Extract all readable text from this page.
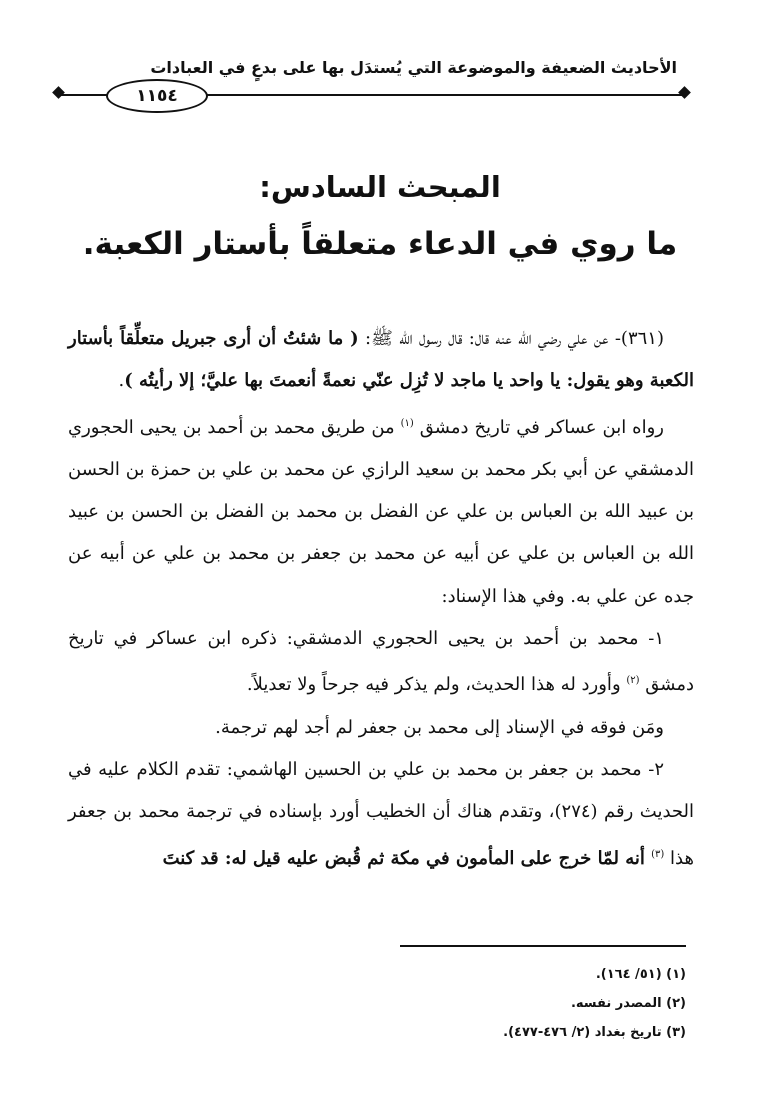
الأحاديث الضعيفة والموضوعة التي يُستدَل بها على بدعٍ في العبادات
١١٥٤
المبحث السادس:
ما روي في الدعاء متعلقاً بأستار الكعبة.

(٣٦١)- عن علي رضي الله عنه قال: قال رسول الله ﷺ: ( ما شئتُ أن أرى جبريل متعلِّقاً بأستار الكعبة وهو يقول: يا واحد يا ماجد لا تُزِل عنّي نعمةً أنعمتَ بها عليَّ؛ إلا رأيتُه ).

رواه ابن عساكر في تاريخ دمشق $^{(١)}$ من طريق محمد بن أحمد بن يحيى الحجوري الدمشقي عن أبي بكر محمد بن سعيد الرازي عن محمد بن علي بن حمزة بن الحسن بن عبيد الله بن العباس بن علي عن الفضل بن محمد بن الفضل بن الحسن بن عبيد الله بن العباس بن علي عن أبيه عن محمد بن جعفر بن محمد بن علي عن أبيه عن جده عن علي به. وفي هذا الإسناد:

١- محمد بن أحمد بن يحيى الحجوري الدمشقي: ذكره ابن عساكر في تاريخ دمشق $^{(٢)}$ وأورد له هذا الحديث، ولم يذكر فيه جرحاً ولا تعديلاً.

ومَن فوقه في الإسناد إلى محمد بن جعفر لم أجد لهم ترجمة.

٢- محمد بن جعفر بن محمد بن علي بن الحسين الهاشمي: تقدم الكلام عليه في الحديث رقم (٢٧٤)، وتقدم هناك أن الخطيب أورد بإسناده في ترجمة محمد بن جعفر هذا $^{(٣)}$ أنه لمّا خرج على المأمون في مكة ثم قُبض عليه قيل له: قد كنتَ

(١) (٥١/ ١٦٤).
(٢) المصدر نفسه.
(٣) تاريخ بغداد (٢/ ٤٧٦-٤٧٧).
